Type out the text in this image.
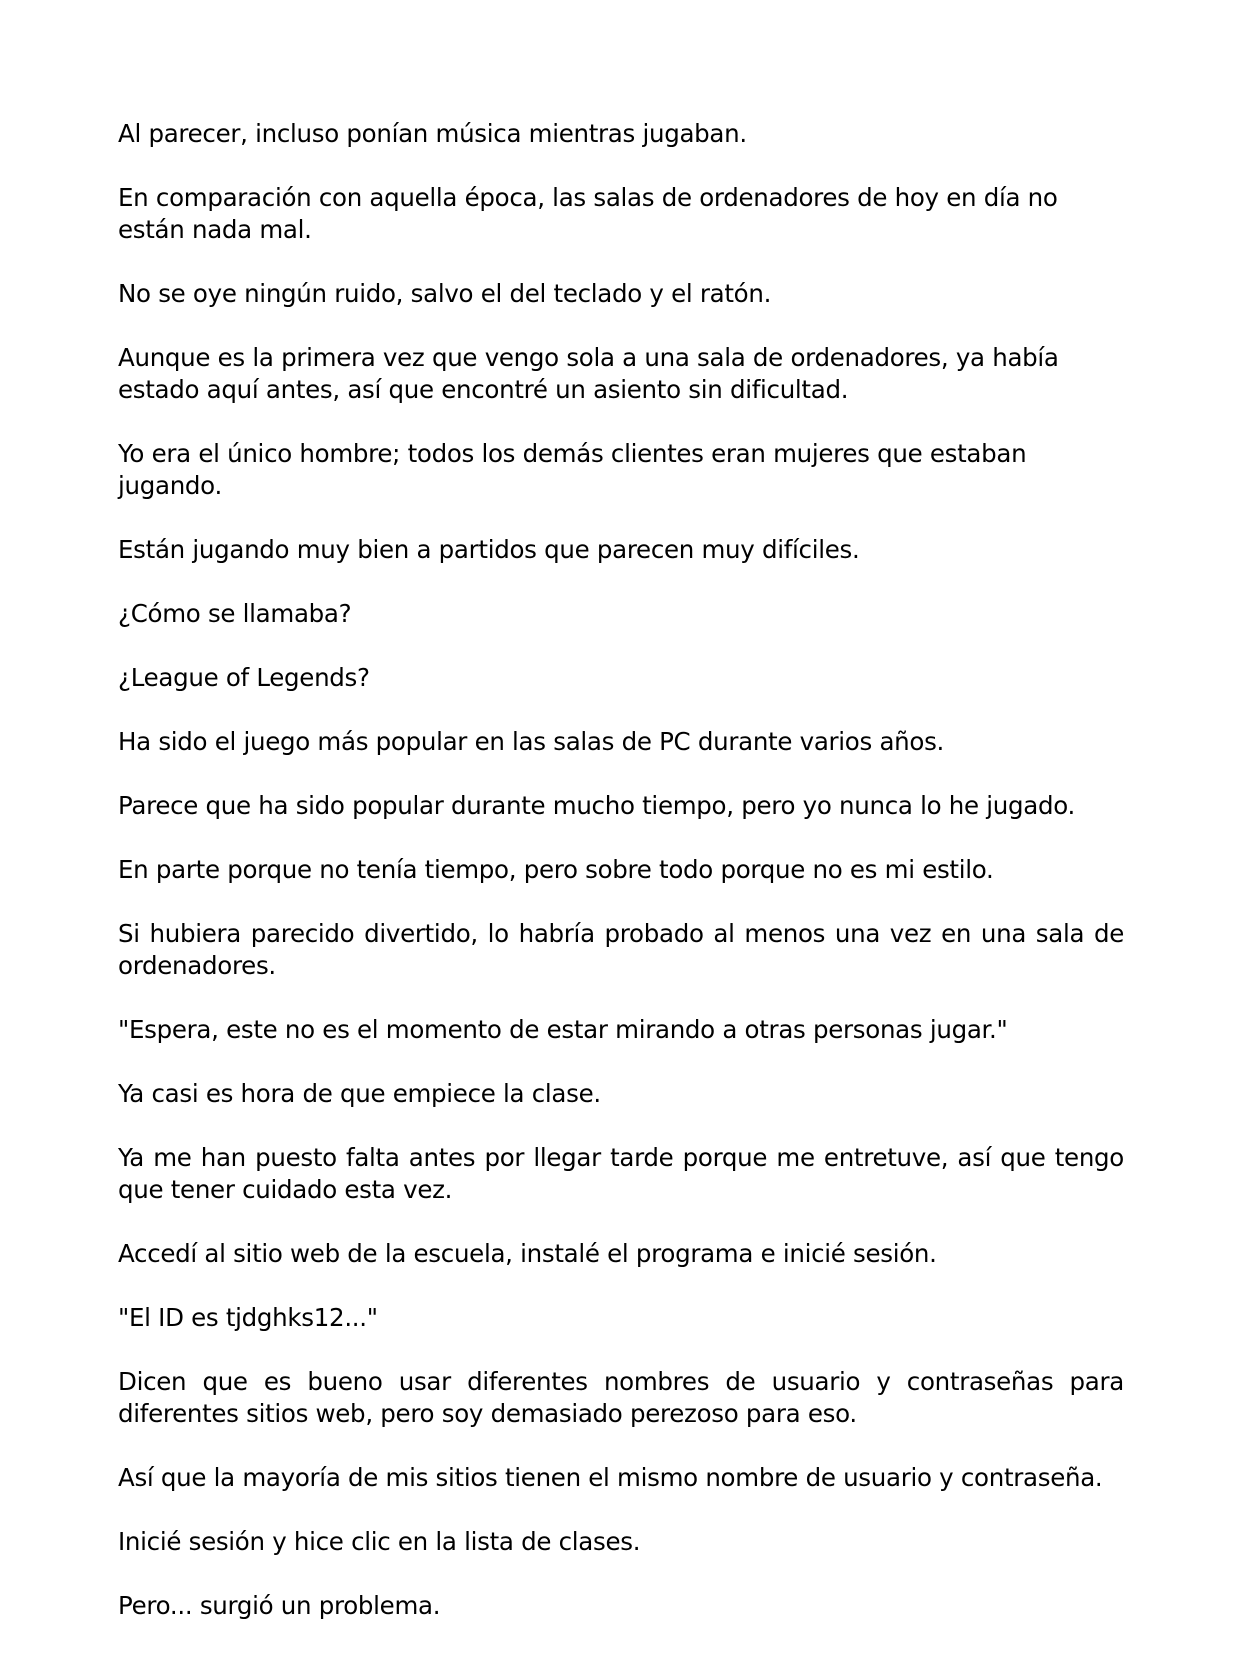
Al parecer, incluso ponían música mientras jugaban.

En comparación con aquella época, las salas de ordenadores de hoy en día no están nada mal.

No se oye ningún ruido, salvo el del teclado y el ratón.

Aunque es la primera vez que vengo sola a una sala de ordenadores, ya había estado aquí antes, así que encontré un asiento sin dificultad.

Yo era el único hombre; todos los demás clientes eran mujeres que estaban jugando.

Están jugando muy bien a partidos que parecen muy difíciles.

¿Cómo se llamaba?

¿League of Legends?

Ha sido el juego más popular en las salas de PC durante varios años.

Parece que ha sido popular durante mucho tiempo, pero yo nunca lo he jugado.

En parte porque no tenía tiempo, pero sobre todo porque no es mi estilo.

Si hubiera parecido divertido, lo habría probado al menos una vez en una sala de ordenadores.

"Espera, este no es el momento de estar mirando a otras personas jugar."

Ya casi es hora de que empiece la clase.

Ya me han puesto falta antes por llegar tarde porque me entretuve, así que tengo que tener cuidado esta vez.

Accedí al sitio web de la escuela, instalé el programa e inicié sesión.

"El ID es tjdghks12..."

Dicen que es bueno usar diferentes nombres de usuario y contraseñas para diferentes sitios web, pero soy demasiado perezoso para eso.

Así que la mayoría de mis sitios tienen el mismo nombre de usuario y contraseña.

Inicié sesión y hice clic en la lista de clases.

Pero... surgió un problema.
